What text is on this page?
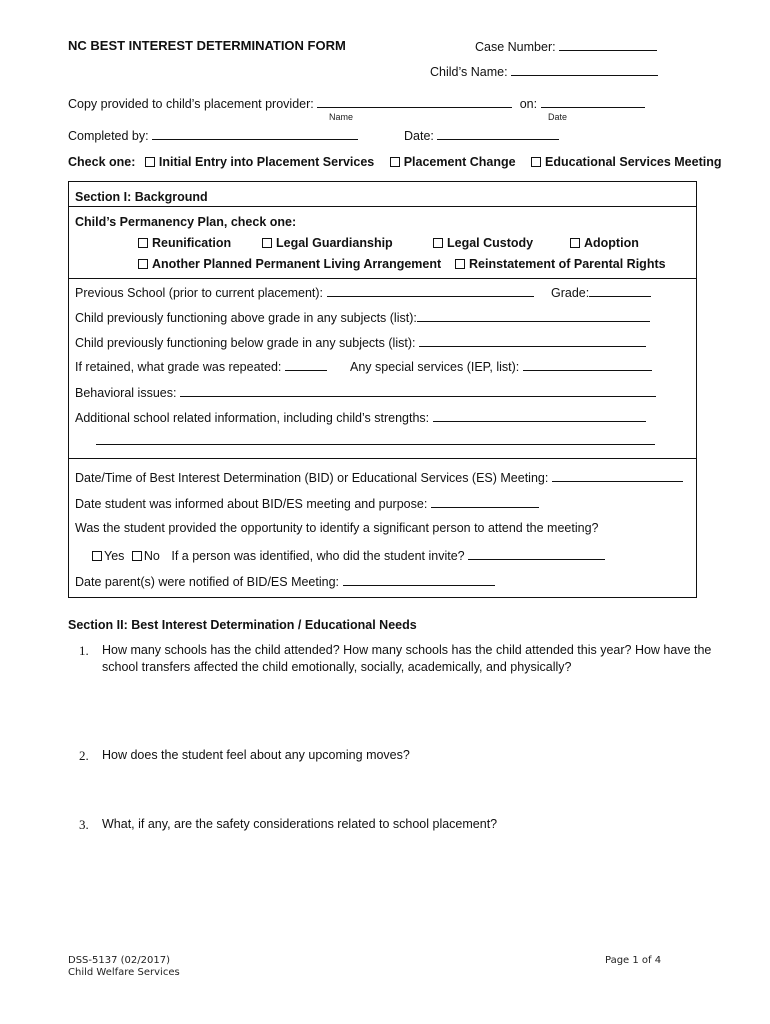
NC BEST INTEREST DETERMINATION FORM	Case Number:
Child’s Name:
Copy provided to child’s placement provider:	on:
Name	Date
Completed by:	Date:
Check one: Initial Entry into Placement Services Placement Change Educational Services Meeting
Section I: Background
Child’s Permanency Plan, check one:
Reunification	Legal Guardianship	Legal Custody	Adoption
Another Planned Permanent Living Arrangement	Reinstatement of Parental Rights
Previous School (prior to current placement):	Grade:
Child previously functioning above grade in any subjects (list):
Child previously functioning below grade in any subjects (list):
If retained, what grade was repeated:	Any special services (IEP, list):
Behavioral issues:
Additional school related information, including child’s strengths:
Date/Time of Best Interest Determination (BID) or Educational Services (ES) Meeting:
Date student was informed about BID/ES meeting and purpose:
Was the student provided the opportunity to identify a significant person to attend the meeting?
Yes No If a person was identified, who did the student invite?
Date parent(s) were notified of BID/ES Meeting:
Section II: Best Interest Determination / Educational Needs
1. How many schools has the child attended? How many schools has the child attended this year? How have the
school transfers affected the child emotionally, socially, academically, and physically?
2. How does the student feel about any upcoming moves?
3. What, if any, are the safety considerations related to school placement?
DSS-5137 (02/2017)
Child Welfare Services
Page 1 of 4
